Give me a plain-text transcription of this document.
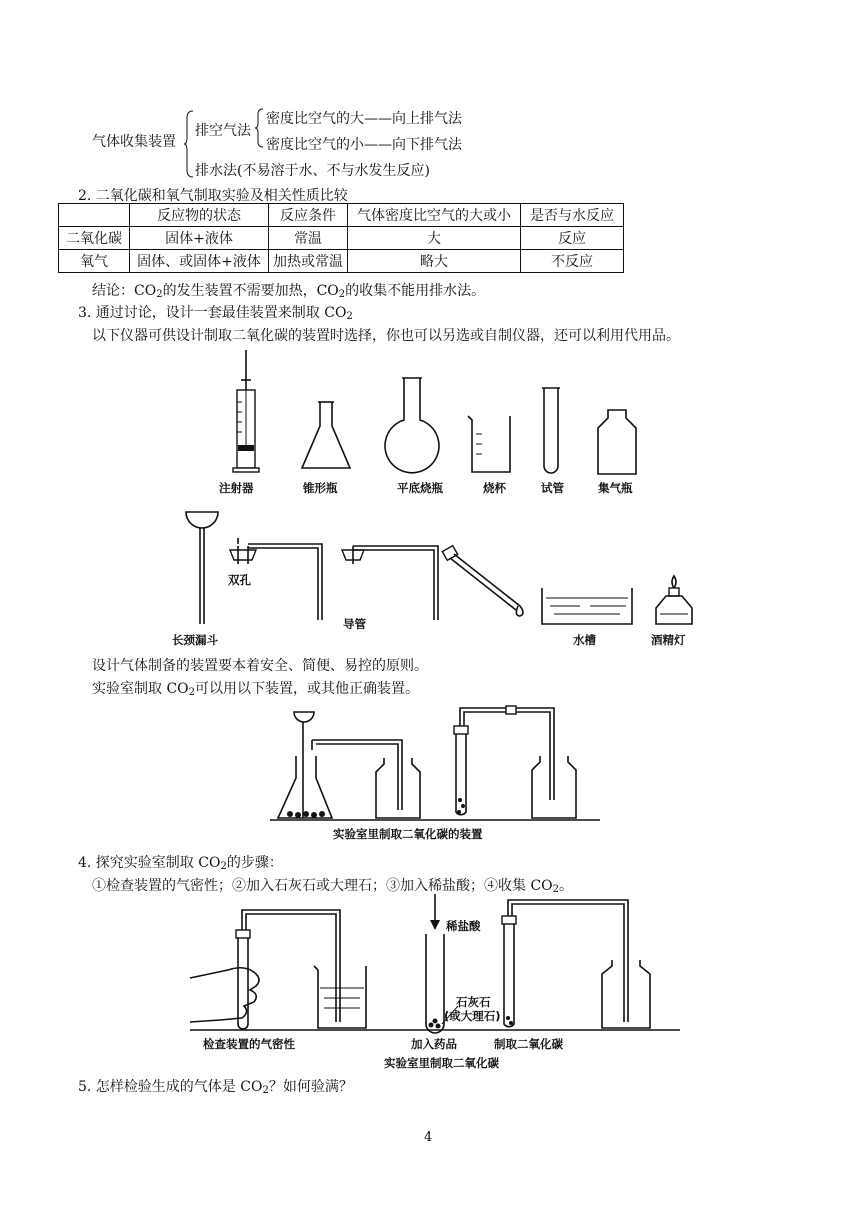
气体收集装置
排空气法
密度比空气的大——向上排气法
密度比空气的小——向下排气法
排水法(不易溶于水、不与水发生反应)
2. 二氧化碳和氧气制取实验及相关性质比较
	反应物的状态	反应条件	气体密度比空气的大或小	是否与水反应
二氧化碳	固体+液体	常温	大	反应
氧气	固体、或固体+液体	加热或常温	略大	不反应
结论：$CO_2$的发生装置不需要加热，$CO_2$的收集不能用排水法。
3. 通过讨论，设计一套最佳装置来制取 $CO_2$
以下仪器可供设计制取二氧化碳的装置时选择，你也可以另选或自制仪器，还可以利用代用品。
注射器	锥形瓶	平底烧瓶	烧杯	试管	集气瓶
双孔
长颈漏斗
导管
水槽	酒精灯
设计气体制备的装置要本着安全、简便、易控的原则。
实验室制取 $CO_2$可以用以下装置，或其他正确装置。
实验室里制取二氧化碳的装置
4. 探究实验室制取 $CO_2$的步骤：
①检查装置的气密性；②加入石灰石或大理石；③加入稀盐酸；④收集 $CO_2$。
稀盐酸
石灰石
(或大理石)
检查装置的气密性	加入药品	制取二氧化碳
实验室里制取二氧化碳
5. 怎样检验生成的气体是 $CO_2$？如何验满？
4
